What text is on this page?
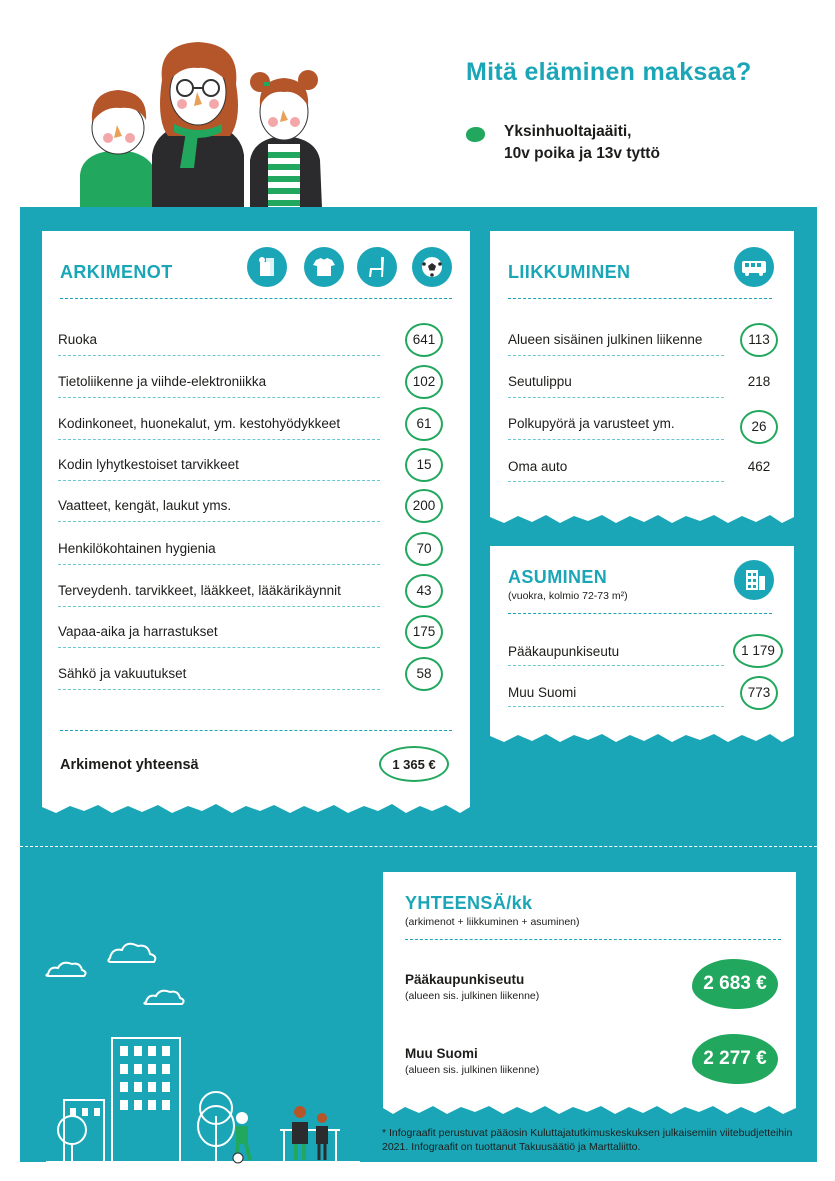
Mitä eläminen maksaa?
Yksinhuoltajaäiti,
10v poika ja 13v tyttö
ARKIMENOT
Ruoka	641
Tietoliikenne ja viihde-elektroniikka	102
Kodinkoneet, huonekalut, ym. kestohyödykkeet	61
Kodin lyhytkestoiset tarvikkeet	15
Vaatteet, kengät, laukut yms.	200
Henkilökohtainen hygienia	70
Terveydenh. tarvikkeet, lääkkeet, lääkärikäynnit	43
Vapaa-aika ja harrastukset	175
Sähkö ja vakuutukset	58
Arkimenot yhteensä	1 365 €
LIIKKUMINEN
Alueen sisäinen julkinen liikenne	113
Seutulippu	218
Polkupyörä ja varusteet ym.	26
Oma auto	462
ASUMINEN
(vuokra, kolmio 72-73 m²)
Pääkaupunkiseutu	1 179
Muu Suomi	773
YHTEENSÄ/kk
(arkimenot + liikkuminen + asuminen)
Pääkaupunkiseutu
(alueen sis. julkinen liikenne)
2 683 €
Muu Suomi
(alueen sis. julkinen liikenne)
2 277 €
* Infograafit perustuvat pääosin Kuluttajatutkimuskeskuksen julkaisemiin viitebudjetteihin 2021. Infograafit on tuottanut Takuusäätiö ja Marttaliitto.
